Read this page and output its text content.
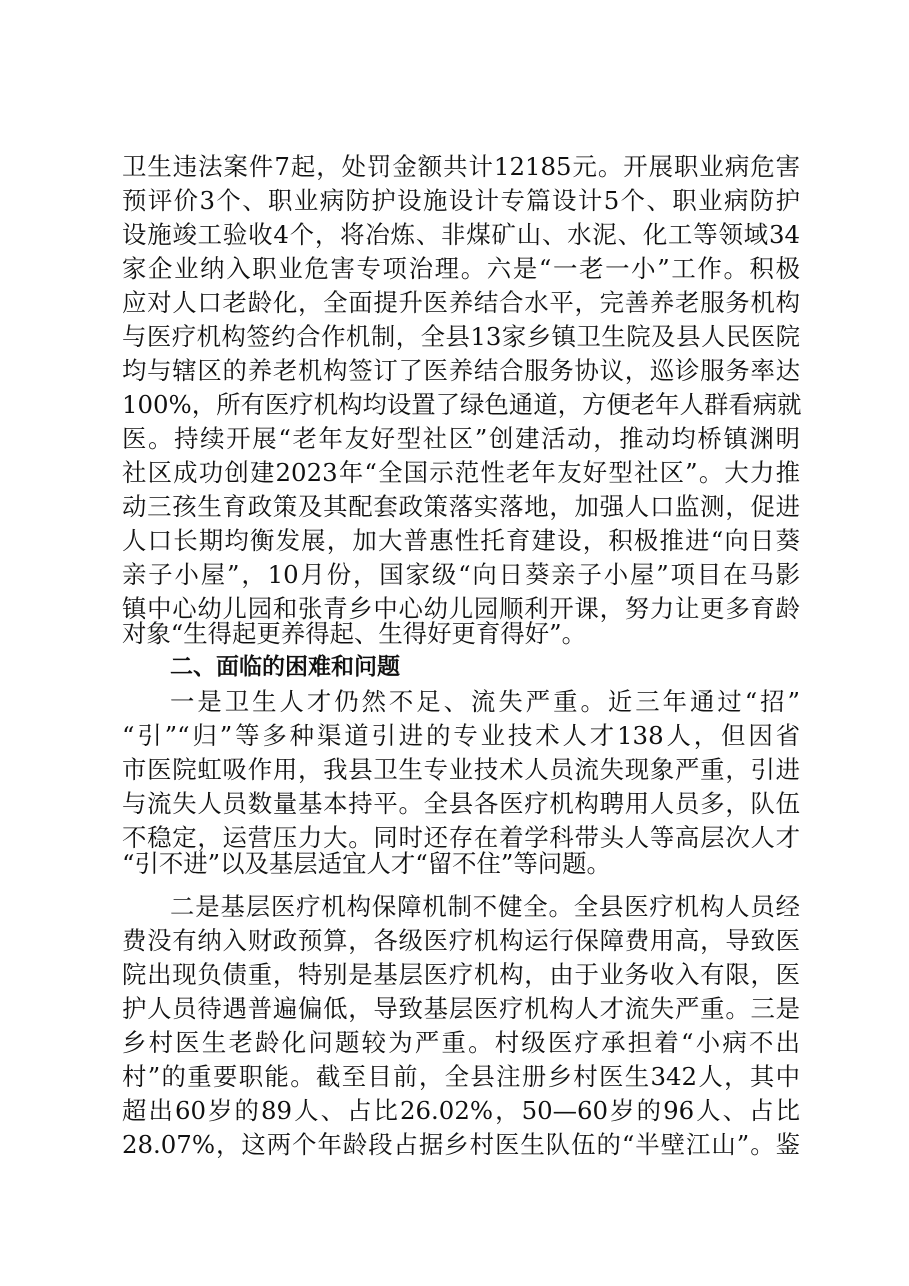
卫生违法案件7起，处罚金额共计12185元。开展职业病危害
预评价3个、职业病防护设施设计专篇设计5个、职业病防护
设施竣工验收4个，将冶炼、非煤矿山、水泥、化工等领域34
家企业纳入职业危害专项治理。六是“一老一小”工作。积极
应对人口老龄化，全面提升医养结合水平，完善养老服务机构
与医疗机构签约合作机制，全县13家乡镇卫生院及县人民医院
均与辖区的养老机构签订了医养结合服务协议，巡诊服务率达
100%，所有医疗机构均设置了绿色通道，方便老年人群看病就
医。持续开展“老年友好型社区”创建活动，推动均桥镇渊明
社区成功创建2023年“全国示范性老年友好型社区”。大力推
动三孩生育政策及其配套政策落实落地，加强人口监测，促进
人口长期均衡发展，加大普惠性托育建设，积极推进“向日葵
亲子小屋”，10月份，国家级“向日葵亲子小屋”项目在马影
镇中心幼儿园和张青乡中心幼儿园顺利开课，努力让更多育龄
对象“生得起更养得起、生得好更育得好”。
二、面临的困难和问题
一是卫生人才仍然不足、流失严重。近三年通过“招”
“引”“归”等多种渠道引进的专业技术人才138人，但因省
市医院虹吸作用，我县卫生专业技术人员流失现象严重，引进
与流失人员数量基本持平。全县各医疗机构聘用人员多，队伍
不稳定，运营压力大。同时还存在着学科带头人等高层次人才
“引不进”以及基层适宜人才“留不住”等问题。
二是基层医疗机构保障机制不健全。全县医疗机构人员经
费没有纳入财政预算，各级医疗机构运行保障费用高，导致医
院出现负债重，特别是基层医疗机构，由于业务收入有限，医
护人员待遇普遍偏低，导致基层医疗机构人才流失严重。三是
乡村医生老龄化问题较为严重。村级医疗承担着“小病不出
村”的重要职能。截至目前，全县注册乡村医生342人，其中
超出60岁的89人、占比26.02%，50—60岁的96人、占比
28.07%，这两个年龄段占据乡村医生队伍的“半壁江山”。鉴
